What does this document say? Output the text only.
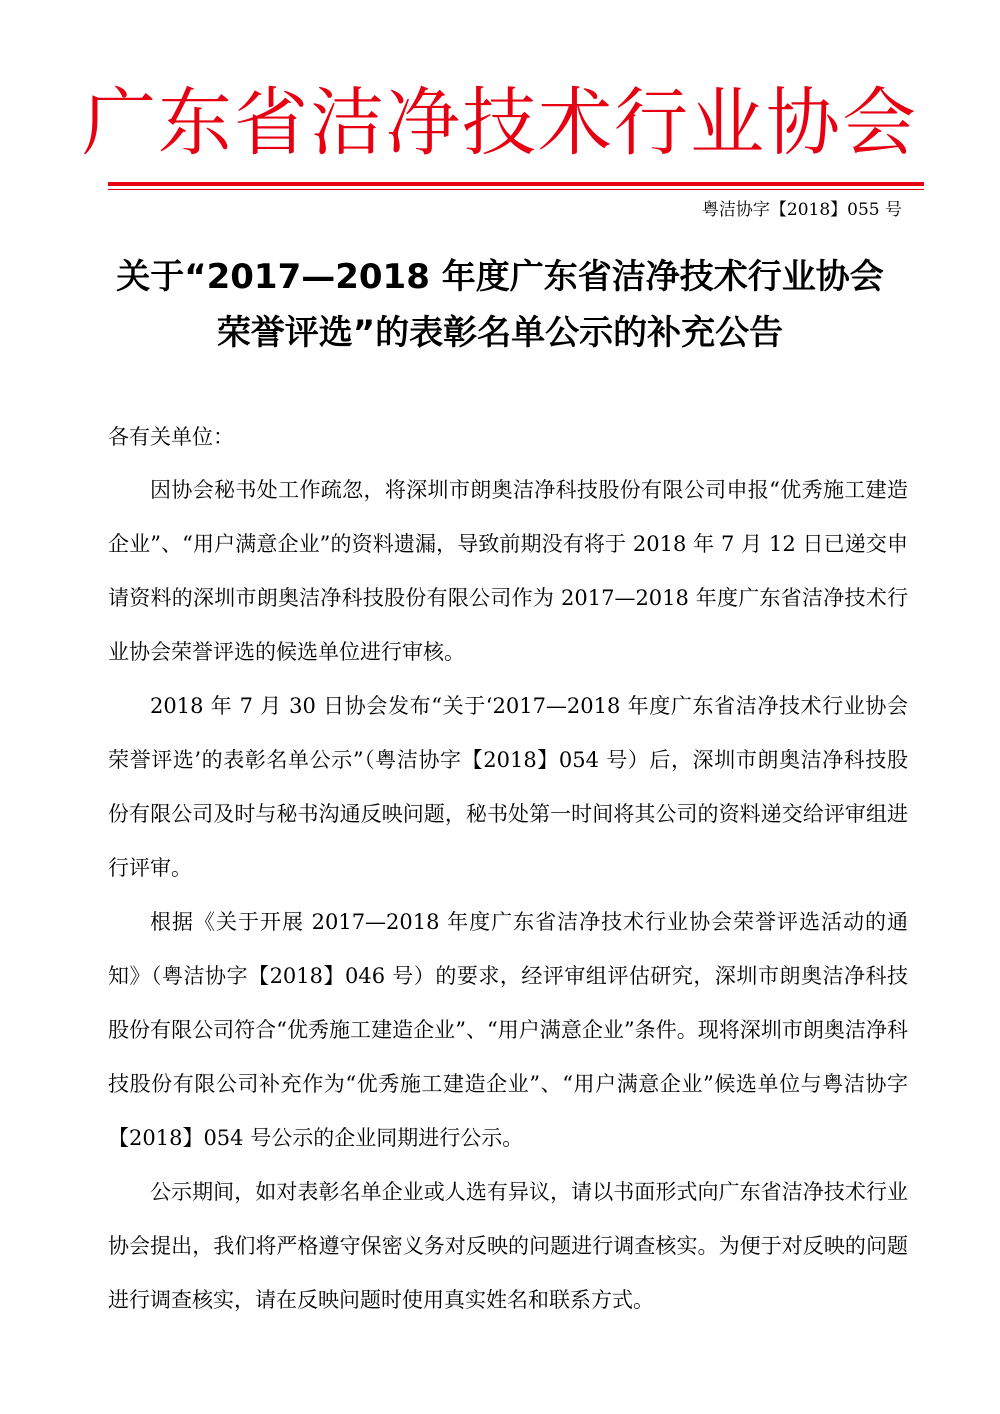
广东省洁净技术行业协会
粤洁协字【2018】055 号
关于“2017—2018 年度广东省洁净技术行业协会
荣誉评选”的表彰名单公示的补充公告
各有关单位：

因协会秘书处工作疏忽，将深圳市朗奥洁净科技股份有限公司申报“优秀施工建造企业”、“用户满意企业”的资料遗漏，导致前期没有将于 2018 年 7 月 12 日已递交申请资料的深圳市朗奥洁净科技股份有限公司作为 2017—2018 年度广东省洁净技术行业协会荣誉评选的候选单位进行审核。

2018 年 7 月 30 日协会发布“关于‘2017—2018 年度广东省洁净技术行业协会荣誉评选’的表彰名单公示”（粤洁协字【2018】054 号）后，深圳市朗奥洁净科技股份有限公司及时与秘书沟通反映问题，秘书处第一时间将其公司的资料递交给评审组进行评审。

根据《关于开展 2017—2018 年度广东省洁净技术行业协会荣誉评选活动的通知》（粤洁协字【2018】046 号）的要求，经评审组评估研究，深圳市朗奥洁净科技股份有限公司符合“优秀施工建造企业”、“用户满意企业”条件。现将深圳市朗奥洁净科技股份有限公司补充作为“优秀施工建造企业”、“用户满意企业”候选单位与粤洁协字【2018】054 号公示的企业同期进行公示。

公示期间，如对表彰名单企业或人选有异议，请以书面形式向广东省洁净技术行业协会提出，我们将严格遵守保密义务对反映的问题进行调查核实。为便于对反映的问题进行调查核实，请在反映问题时使用真实姓名和联系方式。
